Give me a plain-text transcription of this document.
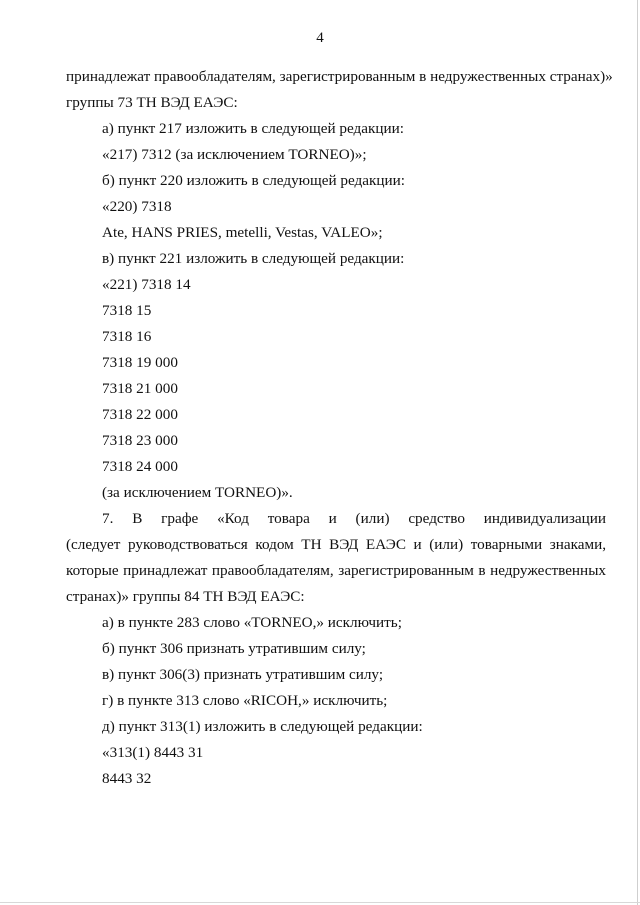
4
принадлежат правообладателям, зарегистрированным в недружественных странах)»
группы 73 ТН ВЭД ЕАЭС:
а) пункт 217 изложить в следующей редакции:
«217) 7312 (за исключением TORNEO)»;
б) пункт 220 изложить в следующей редакции:
«220) 7318
Ate, HANS PRIES, metelli, Vestas, VALEO»;
в) пункт 221 изложить в следующей редакции:
«221) 7318 14
7318 15
7318 16
7318 19 000
7318 21 000
7318 22 000
7318 23 000
7318 24 000
(за исключением TORNEO)».
7. В графе «Код товара и (или) средство индивидуализации
(следует руководствоваться кодом ТН ВЭД ЕАЭС и (или) товарными знаками,
которые принадлежат правообладателям, зарегистрированным в недружественных
странах)» группы 84 ТН ВЭД ЕАЭС:
а) в пункте 283 слово «TORNEO,» исключить;
б) пункт 306 признать утратившим силу;
в) пункт 306(3) признать утратившим силу;
г) в пункте 313 слово «RICOH,» исключить;
д) пункт 313(1) изложить в следующей редакции:
«313(1) 8443 31
8443 32
